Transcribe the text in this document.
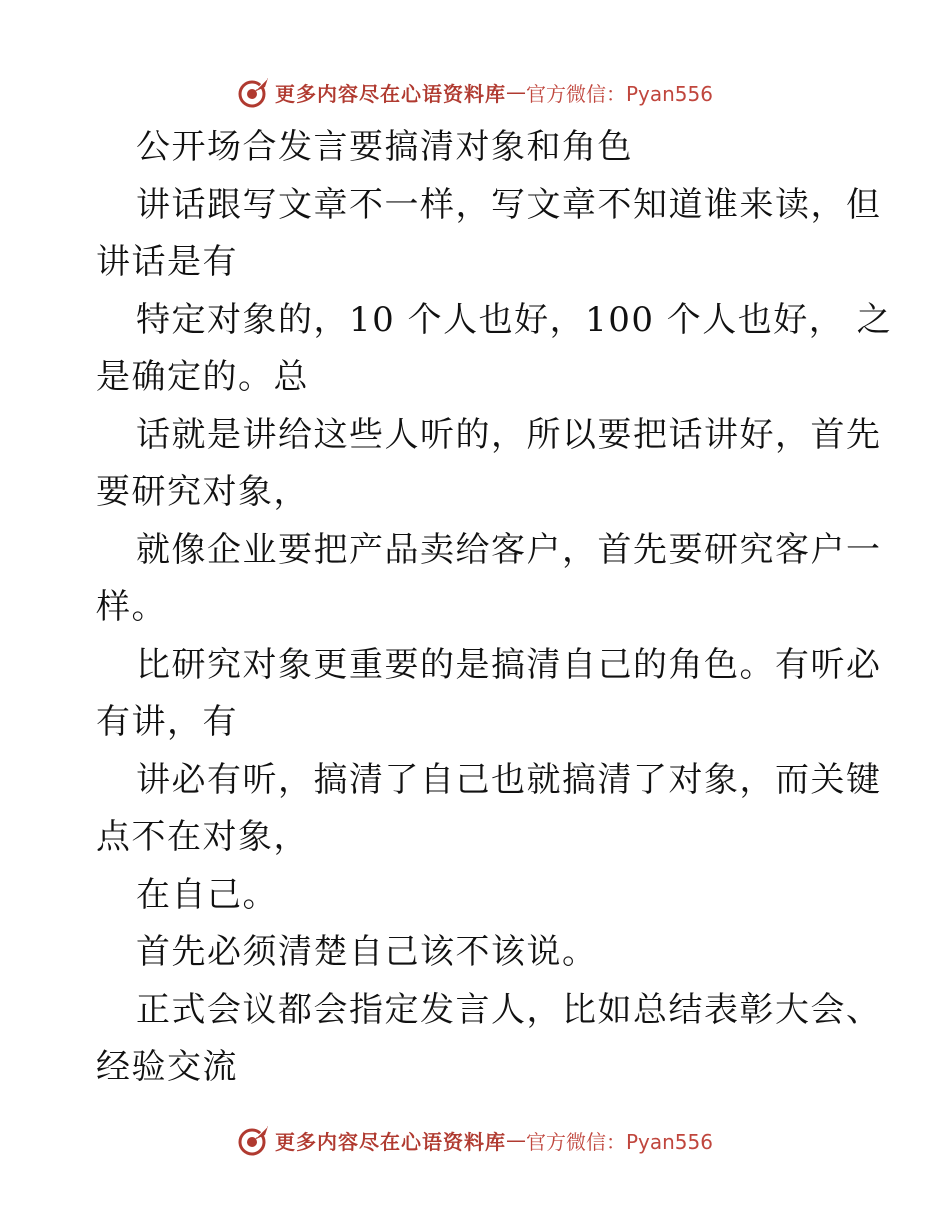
更多内容尽在心语资料库 — 官方微信：Pyan556
公开场合发言要搞清对象和角色
讲话跟写文章不一样，写文章不知道谁来读，但
讲话是有
特定对象的，10 个人也好，100 个人也好， 之
是确定的。总
话就是讲给这些人听的，所以要把话讲好，首先
要研究对象，
就像企业要把产品卖给客户，首先要研究客户一
样。
比研究对象更重要的是搞清自己的角色。有听必
有讲，有
讲必有听，搞清了自己也就搞清了对象，而关键
点不在对象，
在自己。
首先必须清楚自己该不该说。
正式会议都会指定发言人，比如总结表彰大会、
经验交流
更多内容尽在心语资料库 — 官方微信：Pyan556
